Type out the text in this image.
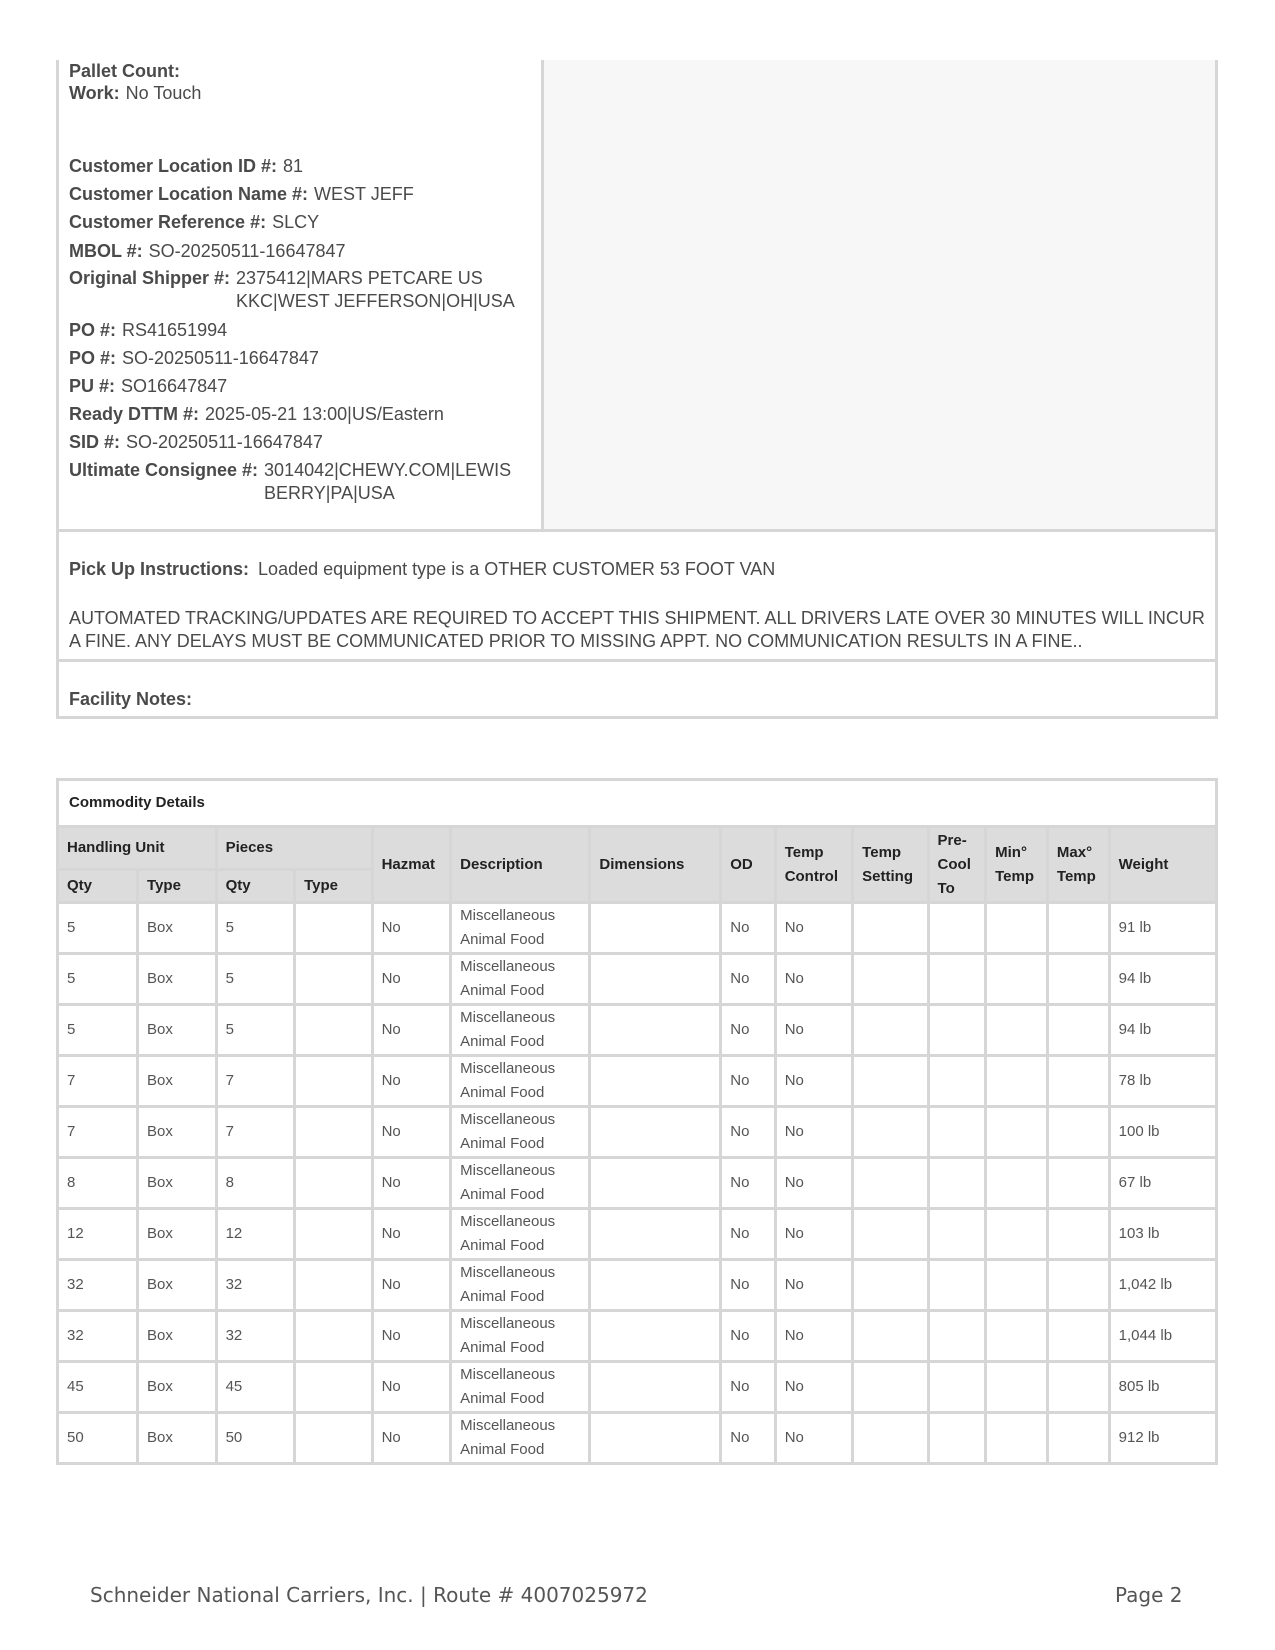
Pallet Count:
Work: No Touch
Customer Location ID #: 81
Customer Location Name #: WEST JEFF
Customer Reference #: SLCY
MBOL #: SO-20250511-16647847
Original Shipper #: 2375412|MARS PETCARE US KKC|WEST JEFFERSON|OH|USA
PO #: RS41651994
PO #: SO-20250511-16647847
PU #: SO16647847
Ready DTTM #: 2025-05-21 13:00|US/Eastern
SID #: SO-20250511-16647847
Ultimate Consignee #: 3014042|CHEWY.COM|LEWIS BERRY|PA|USA
Pick Up Instructions: Loaded equipment type is a OTHER CUSTOMER 53 FOOT VAN
AUTOMATED TRACKING/UPDATES ARE REQUIRED TO ACCEPT THIS SHIPMENT. ALL DRIVERS LATE OVER 30 MINUTES WILL INCUR A FINE. ANY DELAYS MUST BE COMMUNICATED PRIOR TO MISSING APPT. NO COMMUNICATION RESULTS IN A FINE..
Facility Notes:
Commodity Details
Handling Unit		Pieces		Hazmat	Description	Dimensions	OD	Temp Control	Temp Setting	Pre-Cool To	Min° Temp	Max° Temp	Weight
Qty	Type	Qty	Type										
5	Box	5		No	Miscellaneous Animal Food		No	No					91 lb
5	Box	5		No	Miscellaneous Animal Food		No	No					94 lb
5	Box	5		No	Miscellaneous Animal Food		No	No					94 lb
7	Box	7		No	Miscellaneous Animal Food		No	No					78 lb
7	Box	7		No	Miscellaneous Animal Food		No	No					100 lb
8	Box	8		No	Miscellaneous Animal Food		No	No					67 lb
12	Box	12		No	Miscellaneous Animal Food		No	No					103 lb
32	Box	32		No	Miscellaneous Animal Food		No	No					1,042 lb
32	Box	32		No	Miscellaneous Animal Food		No	No					1,044 lb
45	Box	45		No	Miscellaneous Animal Food		No	No					805 lb
50	Box	50		No	Miscellaneous Animal Food		No	No					912 lb
Schneider National Carriers, Inc. | Route # 4007025972	Page 2
